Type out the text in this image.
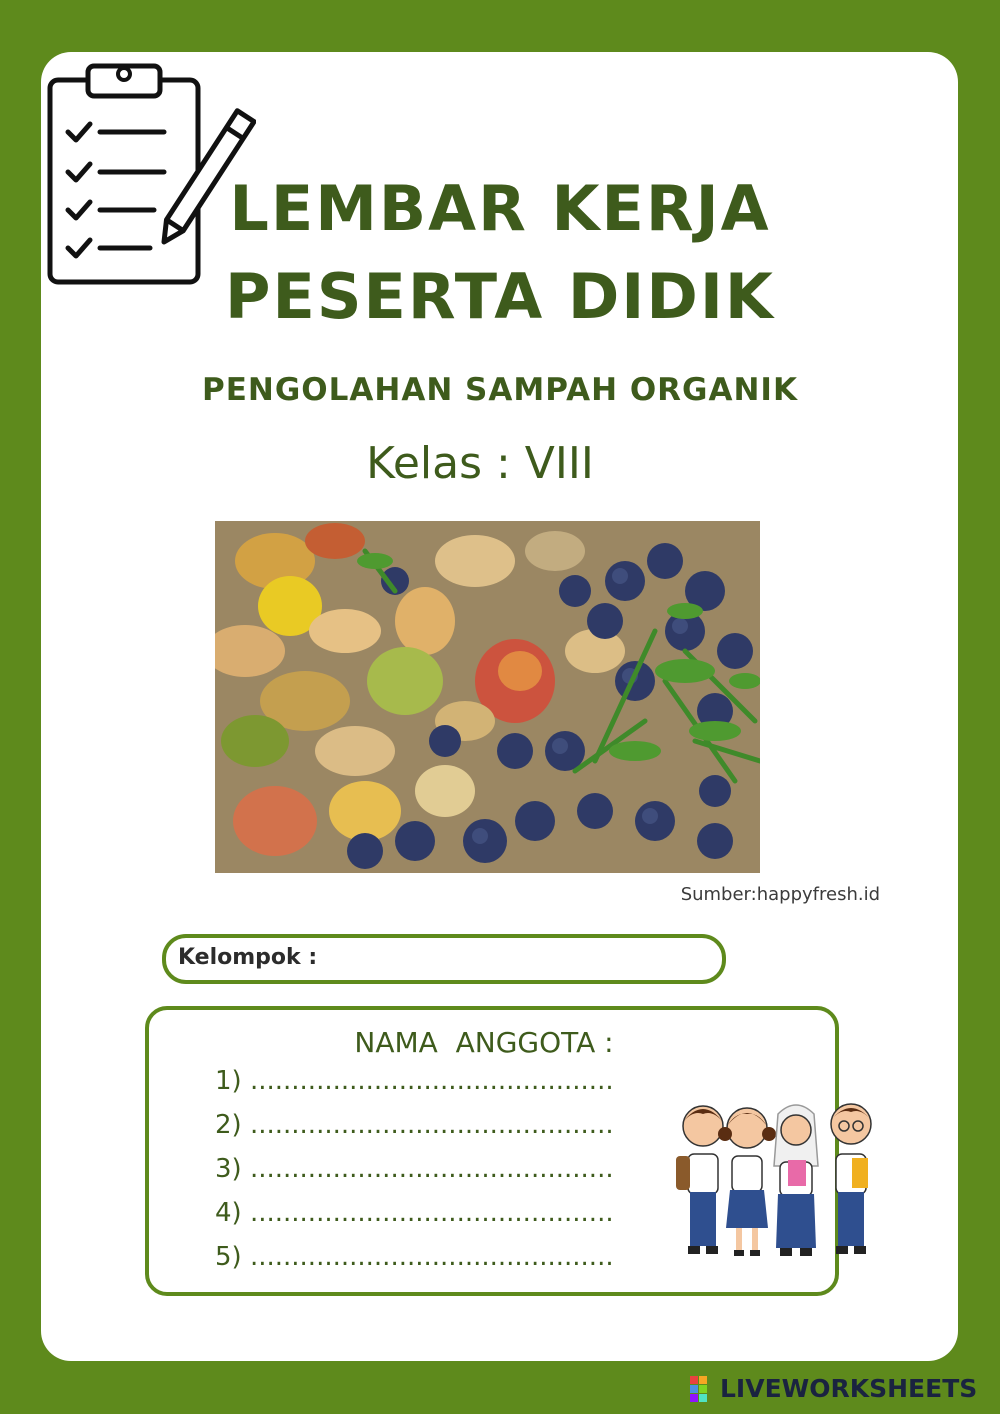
LEMBAR KERJA
PESERTA DIDIK
PENGOLAHAN SAMPAH ORGANIK
Kelas : VIII
Sumber:happyfresh.id
Kelompok :
NAMA  ANGGOTA :
1) ............................................
2) ............................................
3) ............................................
4) ............................................
5) ............................................
LIVEWORKSHEETS
